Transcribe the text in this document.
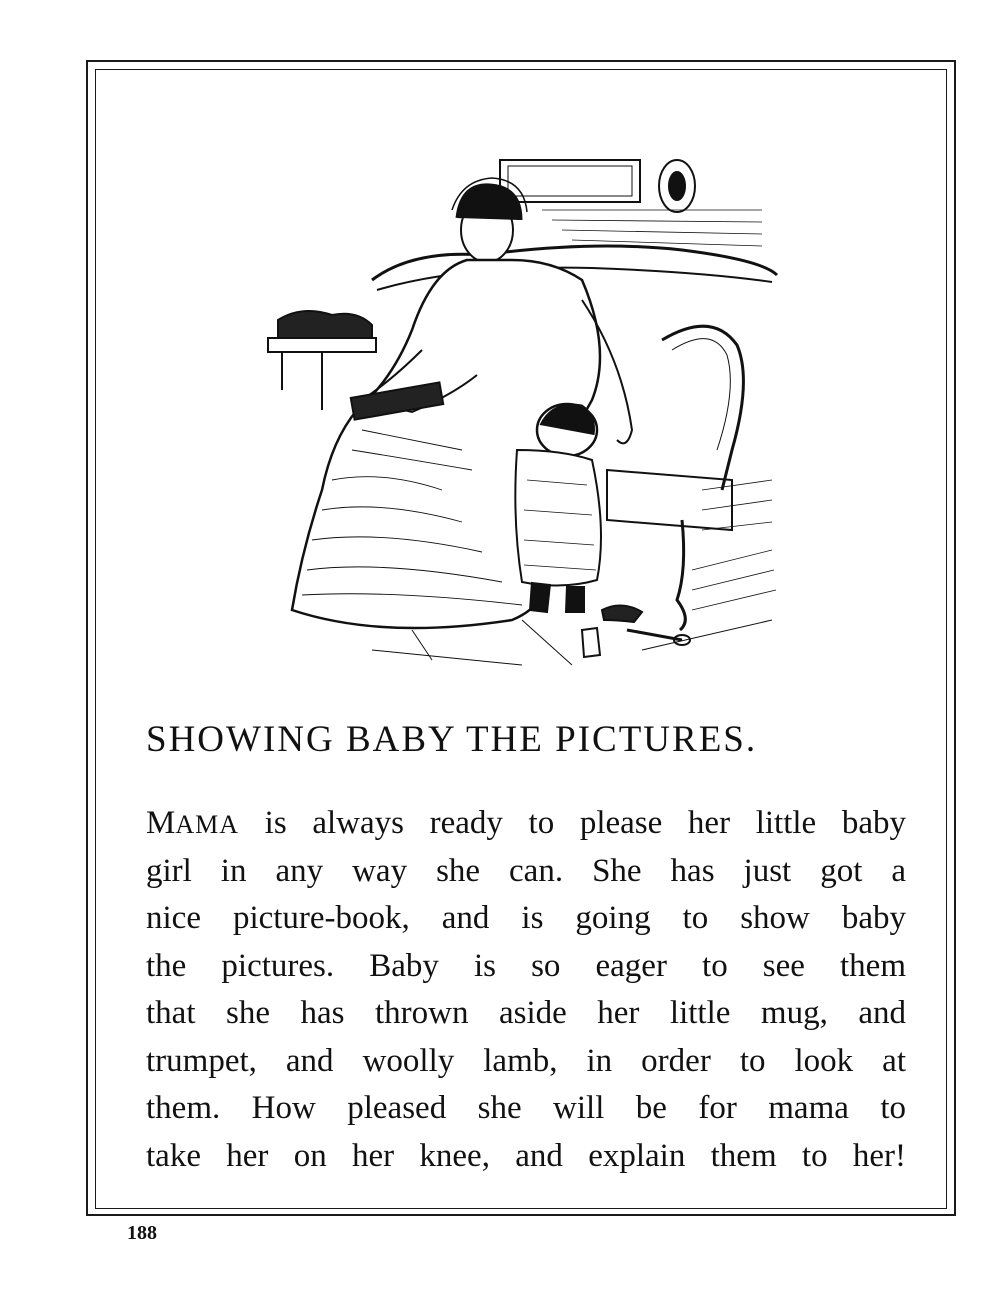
SHOWING BABY THE PICTURES.
MAMA is always ready to please her little baby
girl in any way she can. She has just got a
nice picture-book, and is going to show baby
the pictures. Baby is so eager to see them
that she has thrown aside her little mug, and
trumpet, and woolly lamb, in order to look at
them. How pleased she will be for mama to
take her on her knee, and explain them to her!
188
